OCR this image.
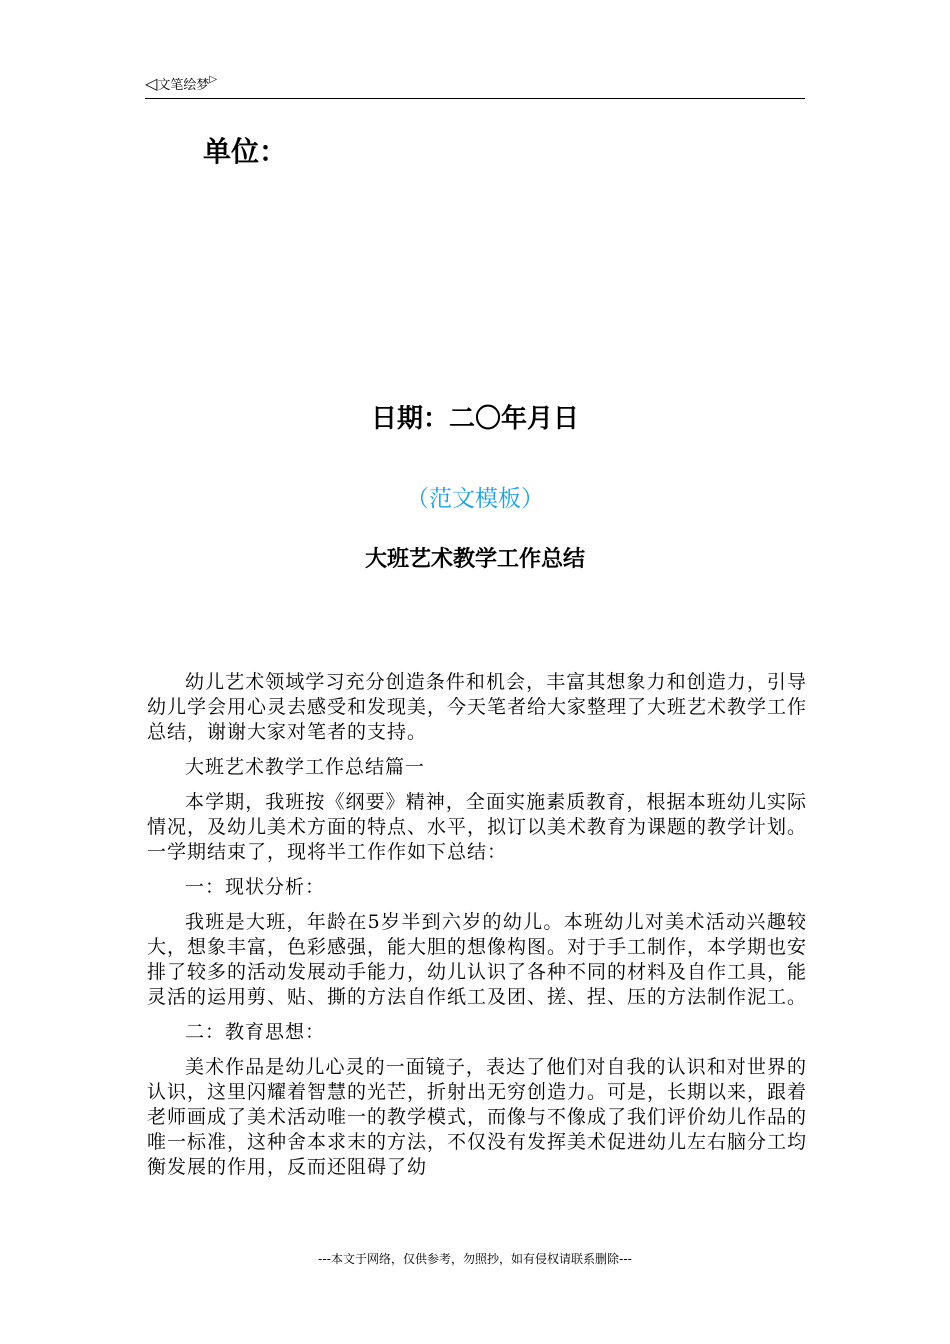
◁文笔绘梦▷
单位：
日期：二〇年月日
（范文模板）
大班艺术教学工作总结

幼儿艺术领域学习充分创造条件和机会，丰富其想象力和创造力，引导幼儿学会用心灵去感受和发现美，今天笔者给大家整理了大班艺术教学工作总结，谢谢大家对笔者的支持。

大班艺术教学工作总结篇一

本学期，我班按《纲要》精神，全面实施素质教育，根据本班幼儿实际情况，及幼儿美术方面的特点、水平，拟订以美术教育为课题的教学计划。一学期结束了，现将半工作作如下总结：

一：现状分析：

我班是大班，年龄在5岁半到六岁的幼儿。本班幼儿对美术活动兴趣较大，想象丰富，色彩感强，能大胆的想像构图。对于手工制作，本学期也安排了较多的活动发展动手能力，幼儿认识了各种不同的材料及自作工具，能灵活的运用剪、贴、撕的方法自作纸工及团、搓、捏、压的方法制作泥工。

二：教育思想：

美术作品是幼儿心灵的一面镜子，表达了他们对自我的认识和对世界的认识，这里闪耀着智慧的光芒，折射出无穷创造力。可是，长期以来，跟着老师画成了美术活动唯一的教学模式，而像与不像成了我们评价幼儿作品的唯一标准，这种舍本求末的方法，不仅没有发挥美术促进幼儿左右脑分工均衡发展的作用，反而还阻碍了幼

---本文于网络，仅供参考，勿照抄，如有侵权请联系删除---
